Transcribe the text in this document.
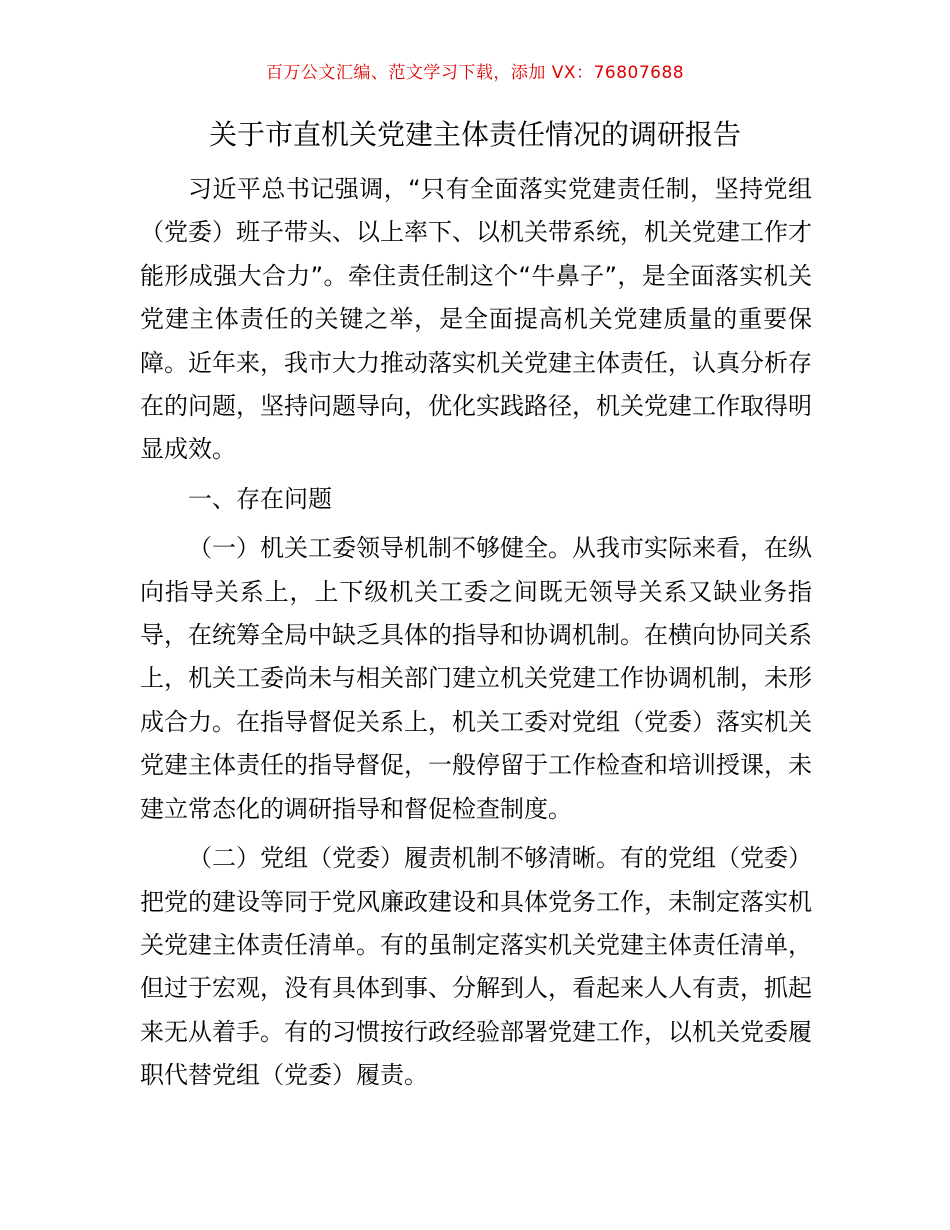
百万公文汇编、范文学习下载，添加 VX：76807688
关于市直机关党建主体责任情况的调研报告

习近平总书记强调，“只有全面落实党建责任制，坚持党组（党委）班子带头、以上率下、以机关带系统，机关党建工作才能形成强大合力”。牵住责任制这个“牛鼻子”，是全面落实机关党建主体责任的关键之举，是全面提高机关党建质量的重要保障。近年来，我市大力推动落实机关党建主体责任，认真分析存在的问题，坚持问题导向，优化实践路径，机关党建工作取得明显成效。

一、存在问题

（一）机关工委领导机制不够健全。从我市实际来看，在纵向指导关系上，上下级机关工委之间既无领导关系又缺业务指导，在统筹全局中缺乏具体的指导和协调机制。在横向协同关系上，机关工委尚未与相关部门建立机关党建工作协调机制，未形成合力。在指导督促关系上，机关工委对党组（党委）落实机关党建主体责任的指导督促，一般停留于工作检查和培训授课，未建立常态化的调研指导和督促检查制度。

（二）党组（党委）履责机制不够清晰。有的党组（党委）把党的建设等同于党风廉政建设和具体党务工作，未制定落实机关党建主体责任清单。有的虽制定落实机关党建主体责任清单，但过于宏观，没有具体到事、分解到人，看起来人人有责，抓起来无从着手。有的习惯按行政经验部署党建工作，以机关党委履职代替党组（党委）履责。
